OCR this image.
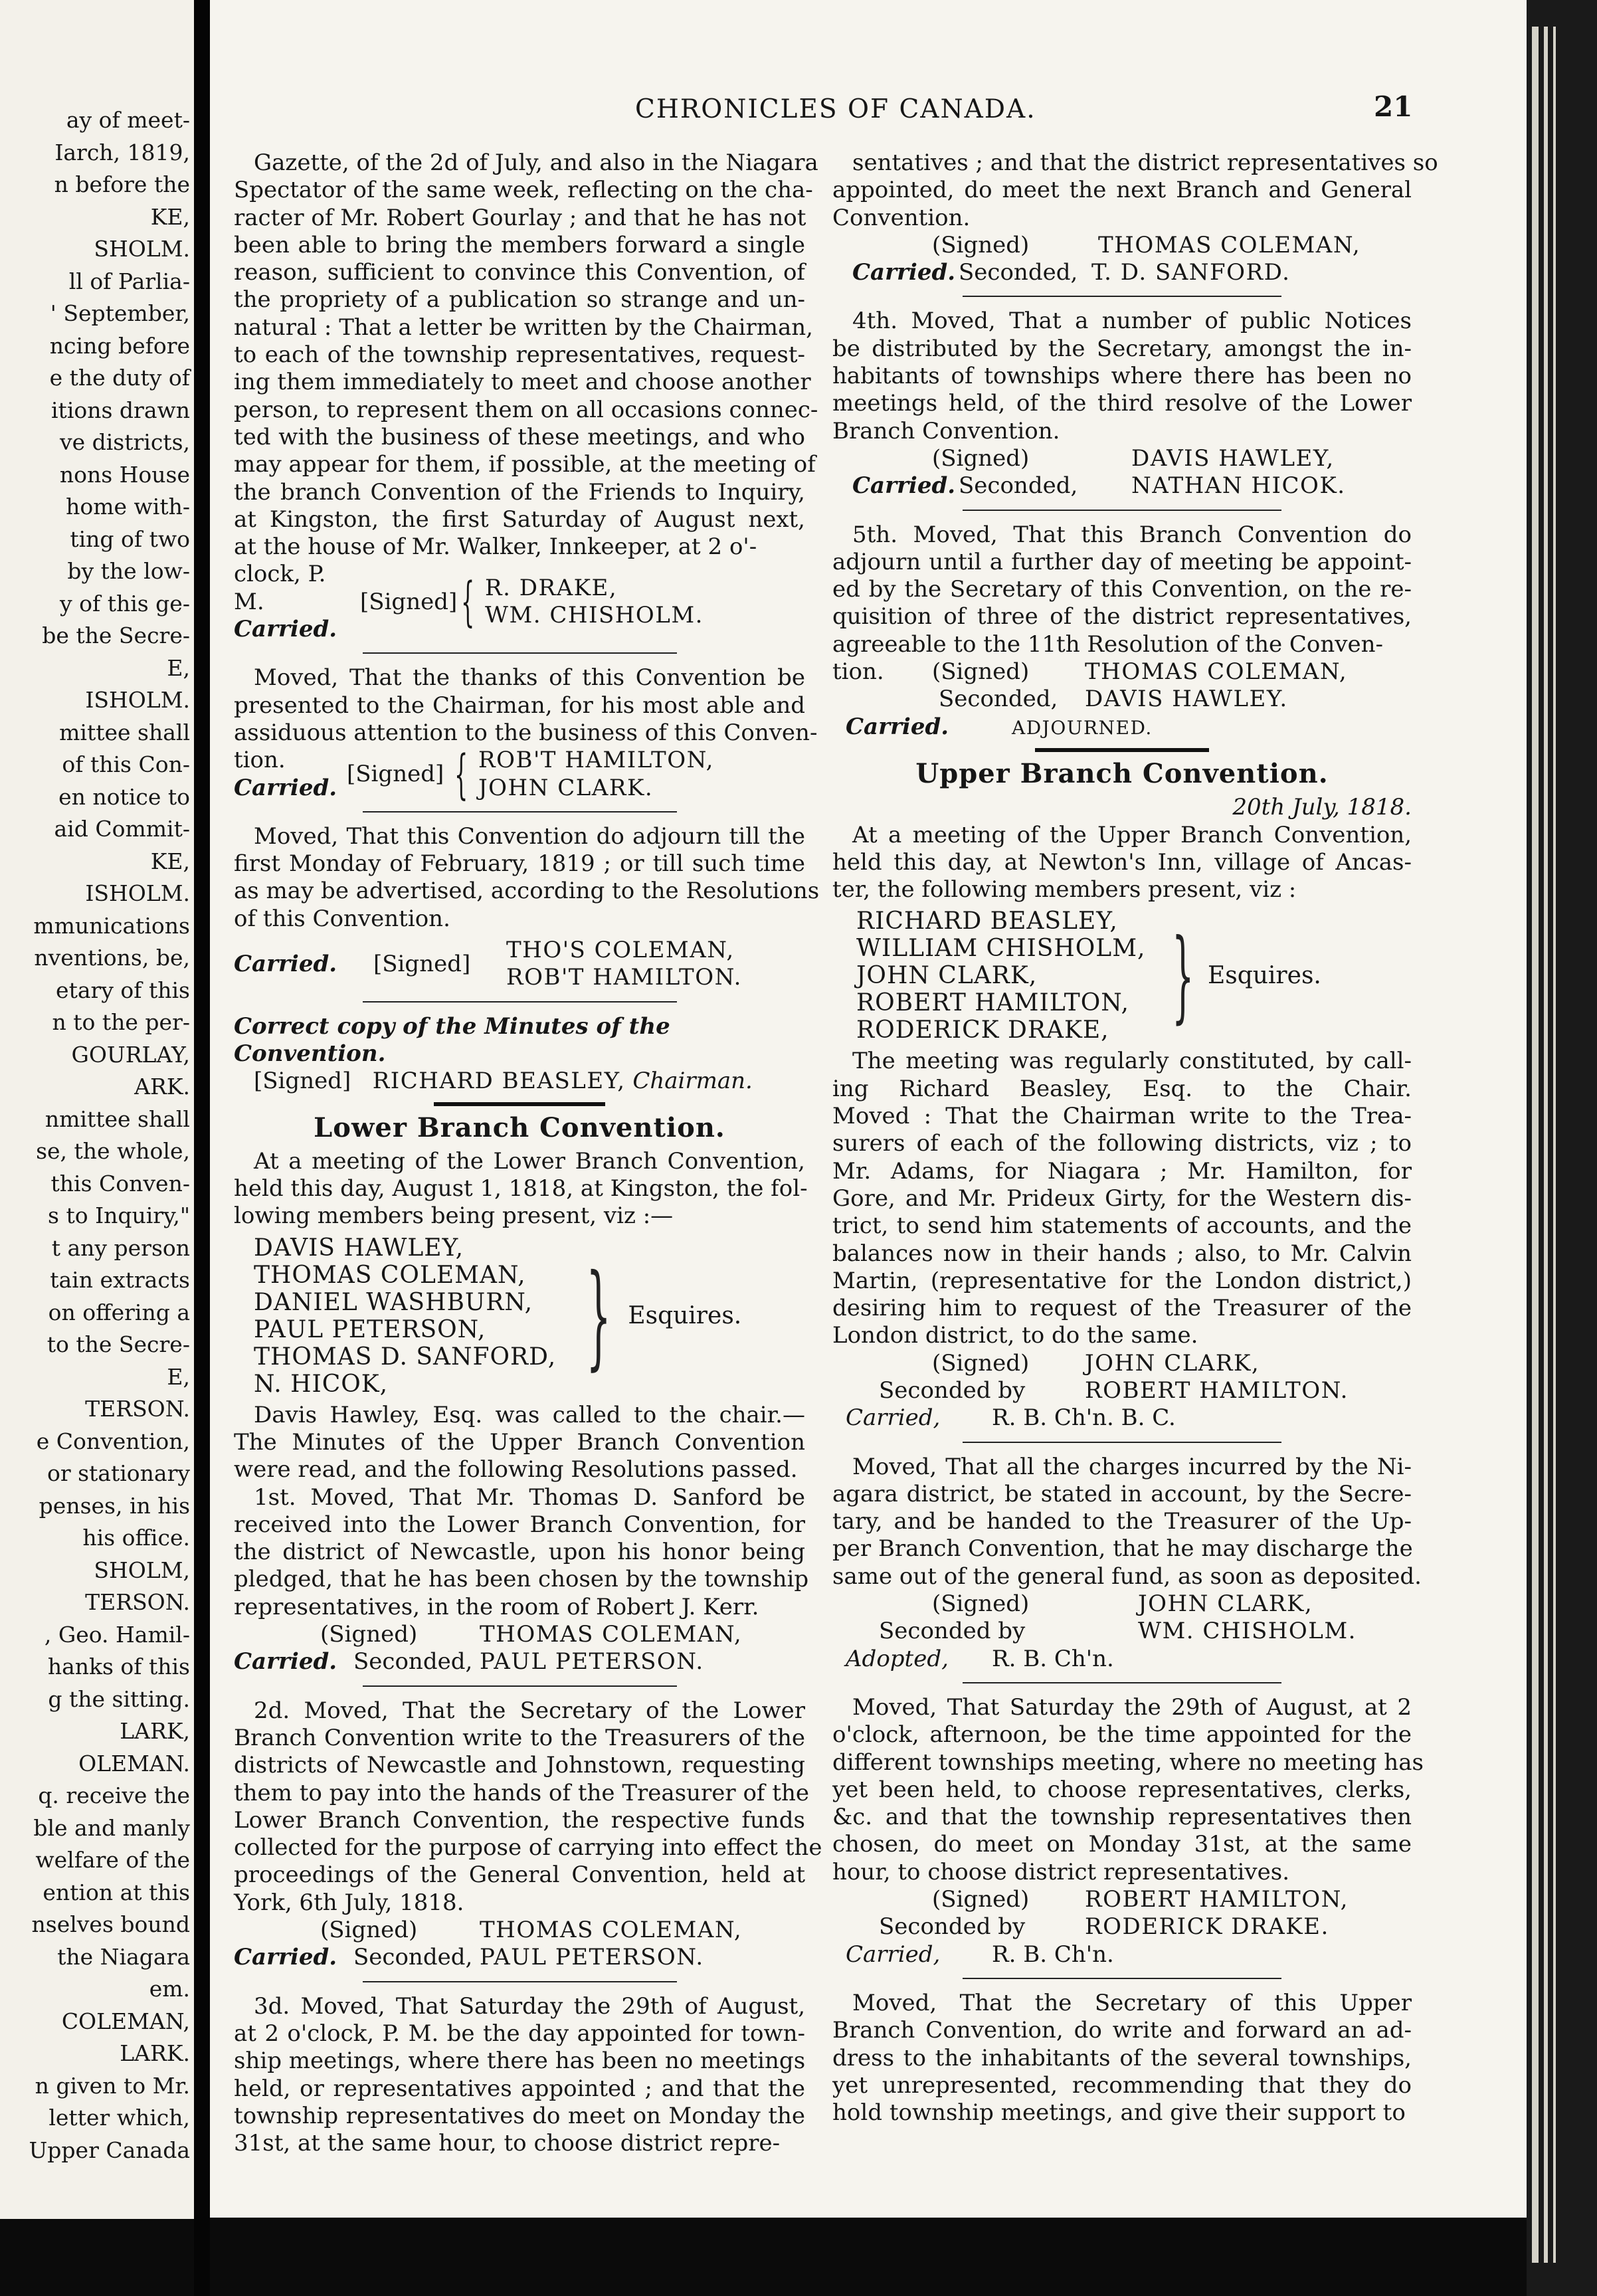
ay of meet-
Iarch, 1819,
n before the
KE,
SHOLM.
ll of Parlia-
' September,
ncing before
e the duty of
itions drawn
ve districts,
nons House
home with-
ting of two
by the low-
y of this ge-
be the Secre-
E,
ISHOLM.
mittee shall
of this Con-
en notice to
aid Commit-
KE,
ISHOLM.
mmunications
nventions, be,
etary of this
n to the per-
GOURLAY,
ARK.
nmittee shall
se, the whole,
this Conven-
s to Inquiry,"
t any person
tain extracts
on offering a
to the Secre-
E,
TERSON.
e Convention,
or stationary
penses, in his
his office.
SHOLM,
TERSON.
, Geo. Hamil-
hanks of this
g the sitting.
LARK,
OLEMAN.
q. receive the
ble and manly
welfare of the
ention at this
nselves bound
the Niagara
em.
COLEMAN,
LARK.
n given to Mr.
letter which,
Upper Canada
CHRONICLES OF CANADA.	21

Gazette, of the 2d of July, and also in the Niagara
Spectator of the same week, reflecting on the cha-
racter of Mr. Robert Gourlay ; and that he has not
been able to bring the members forward a single
reason, sufficient to convince this Convention, of
the propriety of a publication so strange and un-
natural : That a letter be written by the Chairman,
to each of the township representatives, request-
ing them immediately to meet and choose another
person, to represent them on all occasions connec-
ted with the business of these meetings, and who
may appear for them, if possible, at the meeting of
the branch Convention of the Friends to Inquiry,
at Kingston, the first Saturday of August next,
at the house of Mr. Walker, Innkeeper, at 2 o'-

clock, P. M.
Carried.
[Signed] { R. DRAKE,
WM. CHISHOLM.

Moved, That the thanks of this Convention be
presented to the Chairman, for his most able and
assiduous attention to the business of this Conven-

tion.
Carried.
[Signed] { ROB'T HAMILTON,
JOHN CLARK.

Moved, That this Convention do adjourn till the
first Monday of February, 1819 ; or till such time
as may be advertised, according to the Resolutions
of this Convention.

Carried.	[Signed]
THO'S COLEMAN,
ROB'T HAMILTON.
Correct copy of the Minutes of the Convention.
[Signed] RICHARD BEASLEY, Chairman.
Lower Branch Convention.

At a meeting of the Lower Branch Convention,
held this day, August 1, 1818, at Kingston, the fol-
lowing members being present, viz :—

DAVIS HAWLEY,
THOMAS COLEMAN,
DANIEL WASHBURN,
PAUL PETERSON,
THOMAS D. SANFORD,
N. HICOK,
} Esquires.

Davis Hawley, Esq. was called to the chair.—
The Minutes of the Upper Branch Convention
were read, and the following Resolutions passed.

1st. Moved, That Mr. Thomas D. Sanford be
received into the Lower Branch Convention, for
the district of Newcastle, upon his honor being
pledged, that he has been chosen by the township
representatives, in the room of Robert J. Kerr.

(Signed)	THOMAS COLEMAN,
Carried. Seconded, PAUL PETERSON.

2d. Moved, That the Secretary of the Lower
Branch Convention write to the Treasurers of the
districts of Newcastle and Johnstown, requesting
them to pay into the hands of the Treasurer of the
Lower Branch Convention, the respective funds
collected for the purpose of carrying into effect the
proceedings of the General Convention, held at
York, 6th July, 1818.

(Signed)	THOMAS COLEMAN,
Carried. Seconded, PAUL PETERSON.

3d. Moved, That Saturday the 29th of August,
at 2 o'clock, P. M. be the day appointed for town-
ship meetings, where there has been no meetings
held, or representatives appointed ; and that the
township representatives do meet on Monday the
31st, at the same hour, to choose district repre-

sentatives ; and that the district representatives so
appointed, do meet the next Branch and General
Convention.

(Signed)	THOMAS COLEMAN,
Carried. Seconded, T. D. SANFORD.

4th. Moved, That a number of public Notices
be distributed by the Secretary, amongst the in-
habitants of townships where there has been no
meetings held, of the third resolve of the Lower
Branch Convention.

(Signed)	DAVIS HAWLEY,
Carried. Seconded, NATHAN HICOK.

5th. Moved, That this Branch Convention do
adjourn until a further day of meeting be appoint-
ed by the Secretary of this Convention, on the re-
quisition of three of the district representatives,
agreeable to the 11th Resolution of the Conven-

tion. (Signed) THOMAS COLEMAN,
Seconded, DAVIS HAWLEY.
Carried.	ADJOURNED.
Upper Branch Convention.
20th July, 1818.

At a meeting of the Upper Branch Convention,
held this day, at Newton's Inn, village of Ancas-
ter, the following members present, viz :

RICHARD BEASLEY,
WILLIAM CHISHOLM,
JOHN CLARK,
ROBERT HAMILTON,
RODERICK DRAKE, } Esquires.

The meeting was regularly constituted, by call-
ing Richard Beasley, Esq. to the Chair.
Moved : That the Chairman write to the Trea-
surers of each of the following districts, viz ; to
Mr. Adams, for Niagara ; Mr. Hamilton, for
Gore, and Mr. Prideux Girty, for the Western dis-
trict, to send him statements of accounts, and the
balances now in their hands ; also, to Mr. Calvin
Martin, (representative for the London district,)
desiring him to request of the Treasurer of the
London district, to do the same.

(Signed) JOHN CLARK,
Seconded by	ROBERT HAMILTON.
Carried, R. B. Ch'n. B. C.

Moved, That all the charges incurred by the Ni-
agara district, be stated in account, by the Secre-
tary, and be handed to the Treasurer of the Up-
per Branch Convention, that he may discharge the
same out of the general fund, as soon as deposited.

(Signed)	JOHN CLARK,
Seconded by	WM. CHISHOLM.
Adopted, R. B. Ch'n.

Moved, That Saturday the 29th of August, at 2
o'clock, afternoon, be the time appointed for the
different townships meeting, where no meeting has
yet been held, to choose representatives, clerks,
&c. and that the township representatives then
chosen, do meet on Monday 31st, at the same
hour, to choose district representatives.

(Signed) ROBERT HAMILTON,
Seconded by	RODERICK DRAKE.
Carried, R. B. Ch'n.

Moved, That the Secretary of this Upper
Branch Convention, do write and forward an ad-
dress to the inhabitants of the several townships,
yet unrepresented, recommending that they do
hold township meetings, and give their support to
